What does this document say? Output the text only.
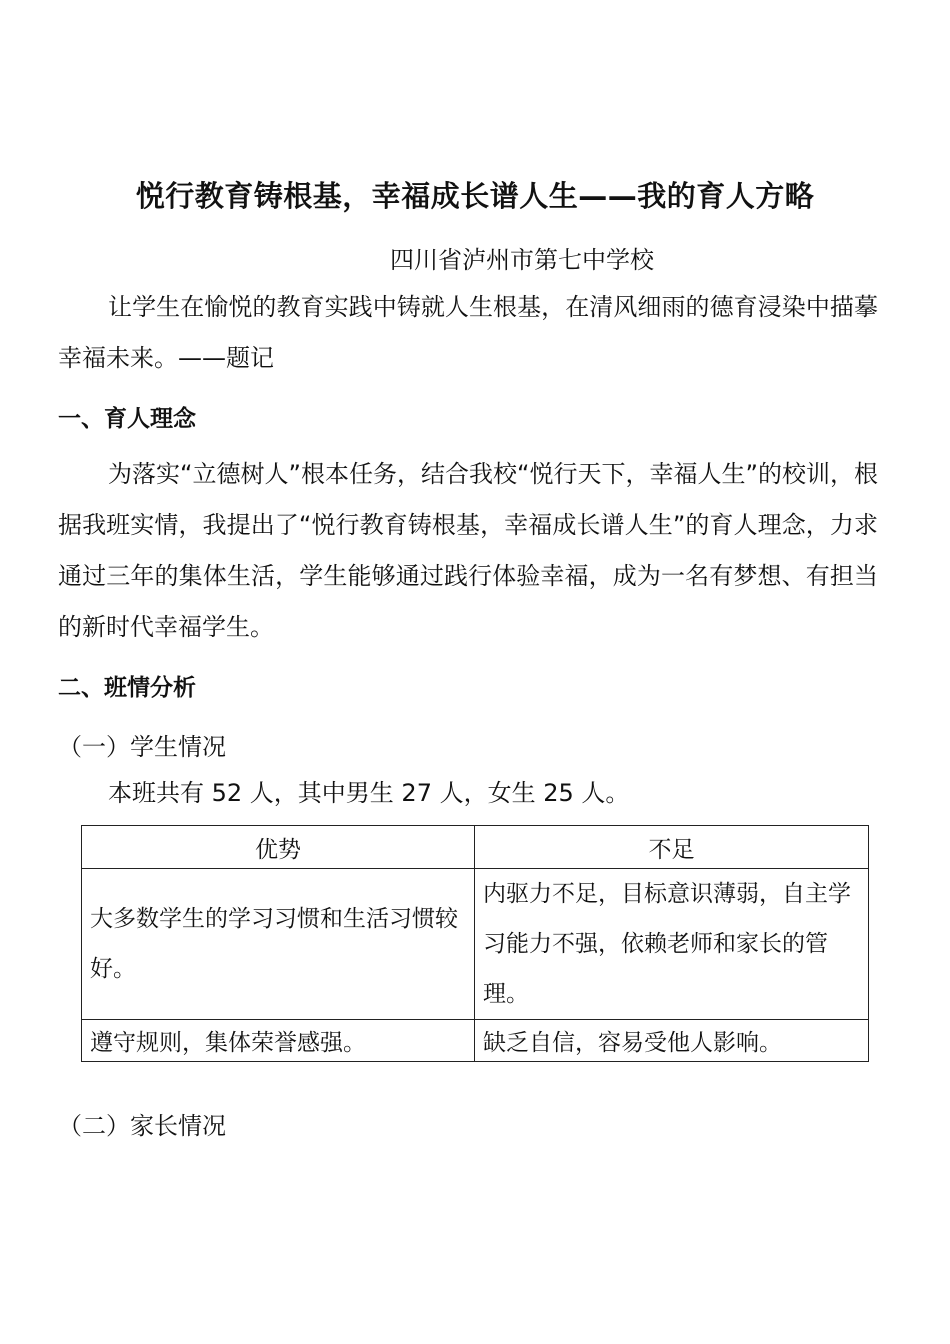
悦行教育铸根基，幸福成长谱人生——我的育人方略
四川省泸州市第七中学校

让学生在愉悦的教育实践中铸就人生根基，在清风细雨的德育浸染中描摹幸福未来。——题记

一、育人理念

为落实“立德树人”根本任务，结合我校“悦行天下，幸福人生”的校训，根据我班实情，我提出了“悦行教育铸根基，幸福成长谱人生”的育人理念，力求通过三年的集体生活，学生能够通过践行体验幸福，成为一名有梦想、有担当的新时代幸福学生。

二、班情分析
（一）学生情况

本班共有 52 人，其中男生 27 人，女生 25 人。

优势	不足

大多数学生的学习习惯和生活习惯较好。	内驱力不足，目标意识薄弱，自主学习能力不强，依赖老师和家长的管理。

遵守规则，集体荣誉感强。	缺乏自信，容易受他人影响。
（二）家长情况
